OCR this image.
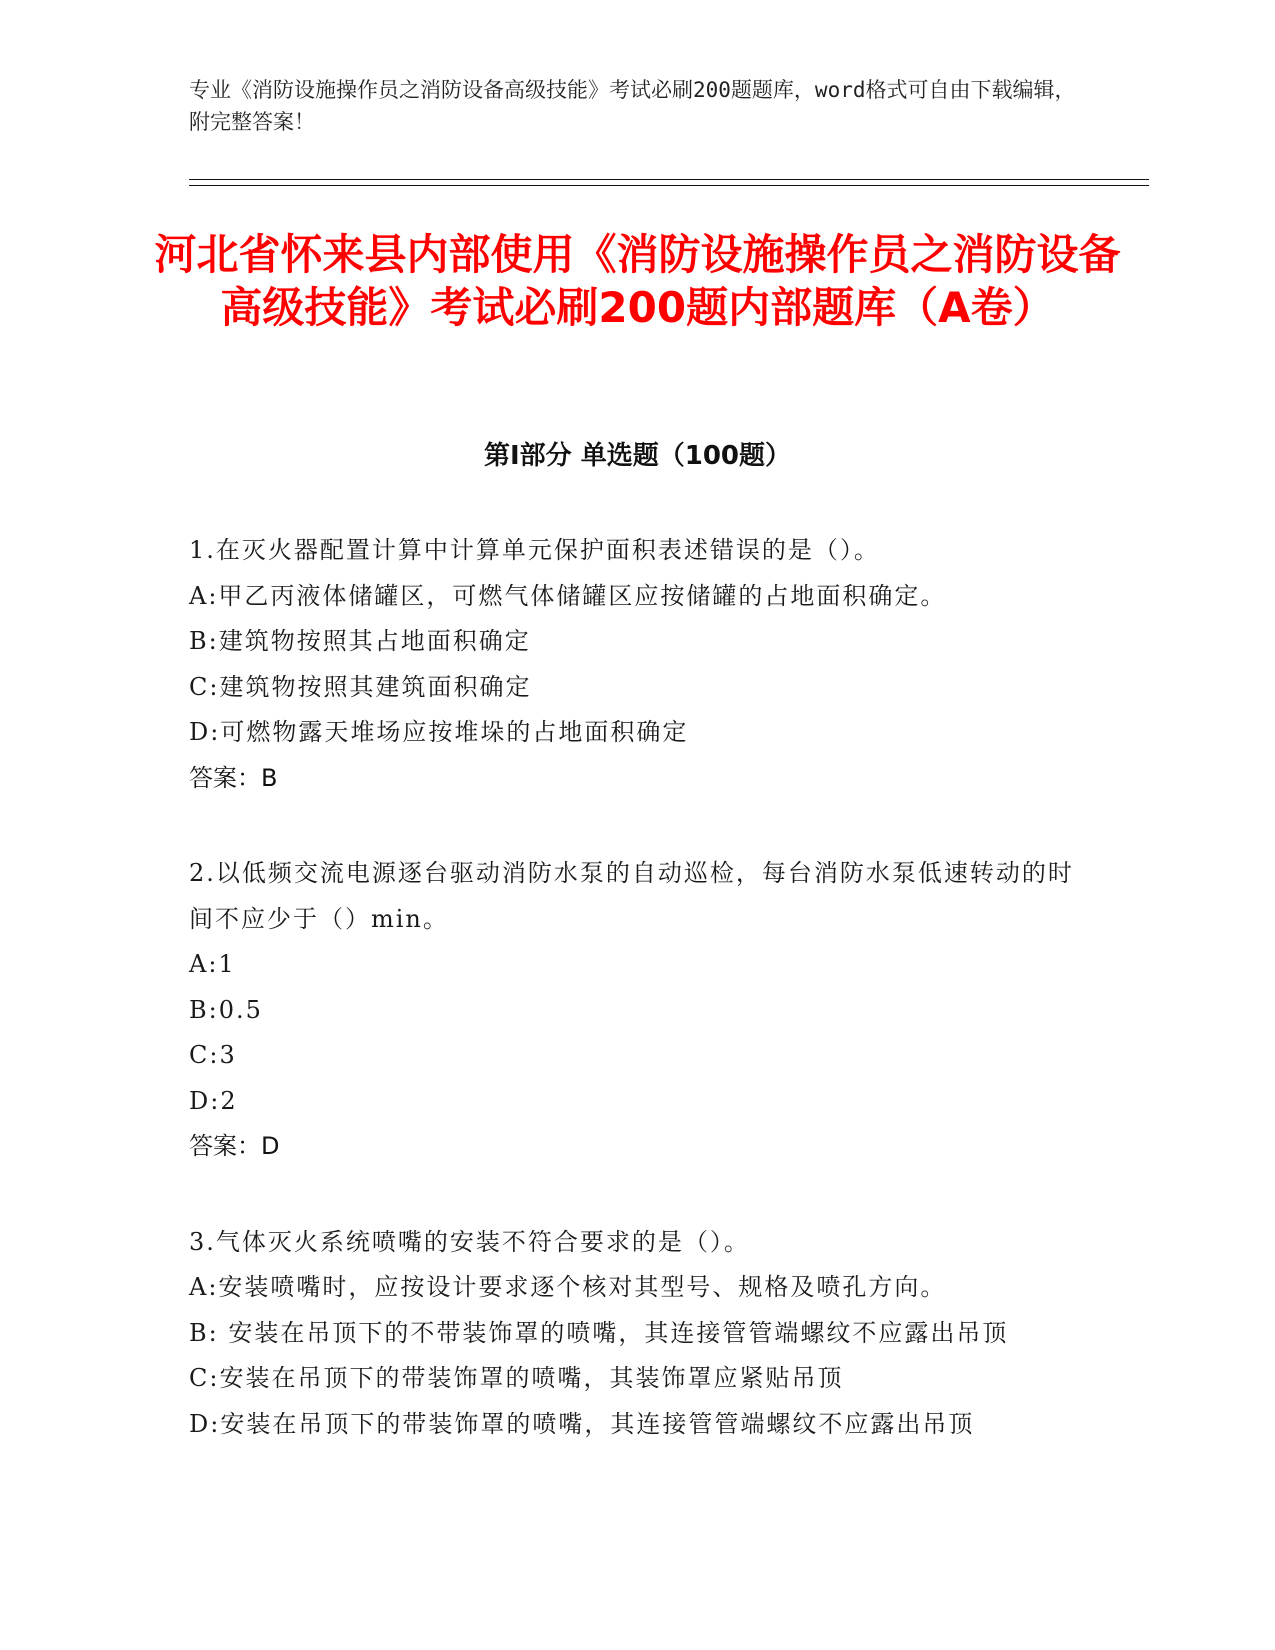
专业《消防设施操作员之消防设备高级技能》考试必刷200题题库，word格式可自由下载编辑，附完整答案！
河北省怀来县内部使用《消防设施操作员之消防设备高级技能》考试必刷200题内部题库（A卷）
第Ⅰ部分 单选题（100题）
1.在灭火器配置计算中计算单元保护面积表述错误的是（）。
A: 甲乙丙液体储罐区，可燃气体储罐区应按储罐的占地面积确定。
B: 建筑物按照其占地面积确定
C: 建筑物按照其建筑面积确定
D: 可燃物露天堆场应按堆垛的占地面积确定
答案：B
2.以低频交流电源逐台驱动消防水泵的自动巡检，每台消防水泵低速转动的时间不应少于（）min。
A: 1
B: 0.5
C: 3
D: 2
答案：D
3.气体灭火系统喷嘴的安装不符合要求的是（）。
A: 安装喷嘴时，应按设计要求逐个核对其型号、规格及喷孔方向。
B: 安装在吊顶下的不带装饰罩的喷嘴，其连接管管端螺纹不应露出吊顶
C: 安装在吊顶下的带装饰罩的喷嘴，其装饰罩应紧贴吊顶
D: 安装在吊顶下的带装饰罩的喷嘴，其连接管管端螺纹不应露出吊顶
